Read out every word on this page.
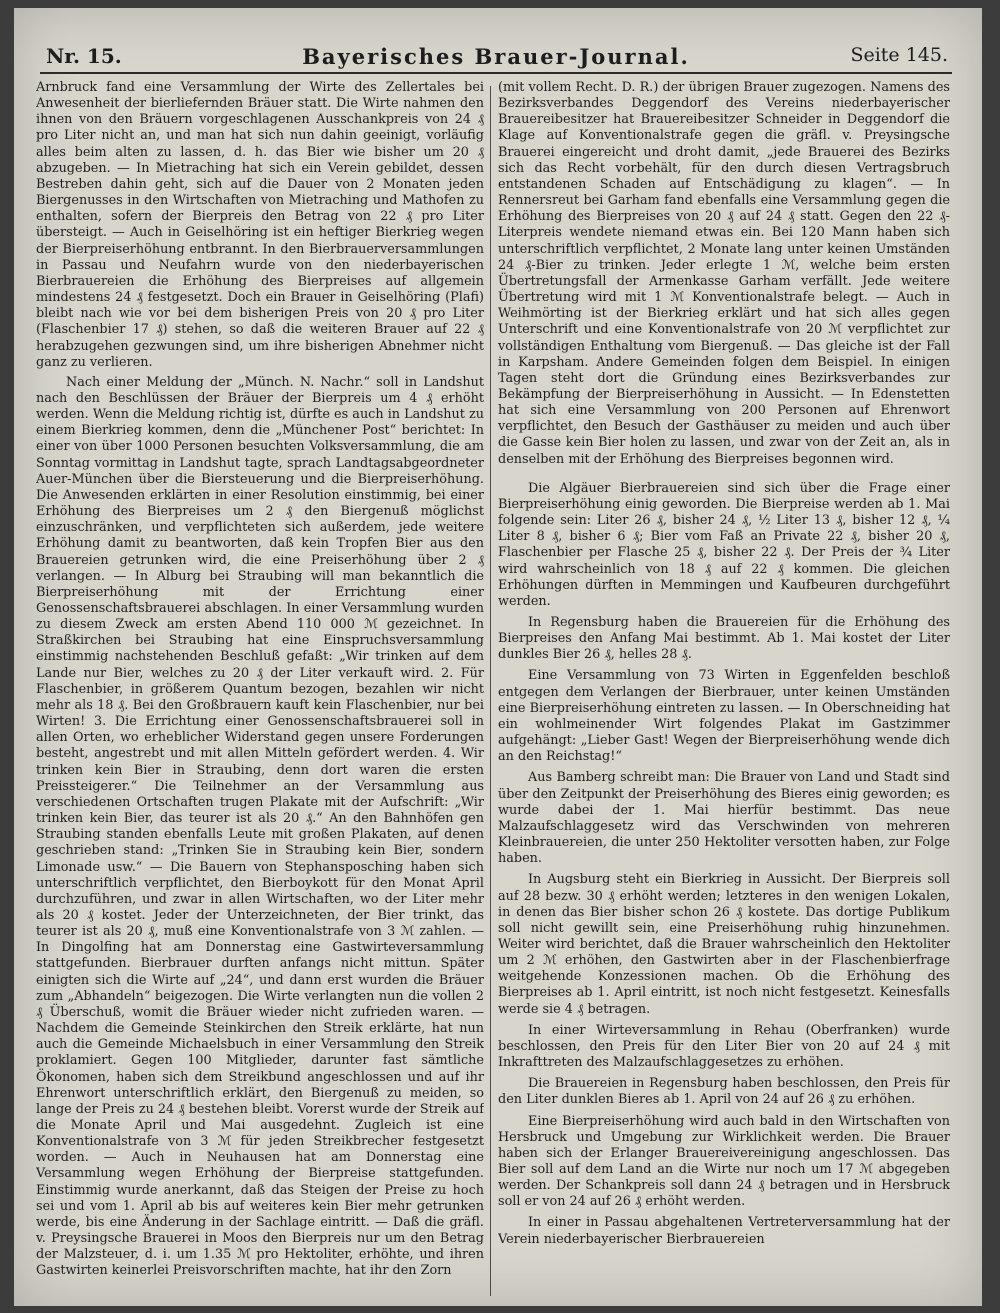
Nr. 15.	Bayerisches Brauer-Journal.	Seite 145.

Arnbruck fand eine Versammlung der Wirte des Zellertales bei Anwesenheit der bierliefernden Bräuer statt. Die Wirte nahmen den ihnen von den Bräuern vorgeschlagenen Ausschankpreis von 24 ₰ pro Liter nicht an, und man hat sich nun dahin geeinigt, vorläufig alles beim alten zu lassen, d. h. das Bier wie bisher um 20 ₰ abzugeben. — In Mietraching hat sich ein Verein gebildet, dessen Bestreben dahin geht, sich auf die Dauer von 2 Monaten jeden Biergenusses in den Wirtschaften von Mietraching und Mathofen zu enthalten, sofern der Bierpreis den Betrag von 22 ₰ pro Liter übersteigt. — Auch in Geiselhöring ist ein heftiger Bierkrieg wegen der Bierpreiserhöhung entbrannt. In den Bierbrauerversammlungen in Passau und Neufahrn wurde von den niederbayerischen Bierbrauereien die Erhöhung des Bierpreises auf allgemein mindestens 24 ₰ festgesetzt. Doch ein Brauer in Geiselhöring (Plafi) bleibt nach wie vor bei dem bisherigen Preis von 20 ₰ pro Liter (Flaschenbier 17 ₰) stehen, so daß die weiteren Brauer auf 22 ₰ herabzugehen gezwungen sind, um ihre bisherigen Abnehmer nicht ganz zu verlieren.

Nach einer Meldung der „Münch. N. Nachr.“ soll in Landshut nach den Beschlüssen der Bräuer der Bierpreis um 4 ₰ erhöht werden. Wenn die Meldung richtig ist, dürfte es auch in Landshut zu einem Bierkrieg kommen, denn die „Münchener Post“ berichtet: In einer von über 1000 Personen besuchten Volksversammlung, die am Sonntag vormittag in Landshut tagte, sprach Landtagsabgeordneter Auer-München über die Biersteuerung und die Bierpreiserhöhung. Die Anwesenden erklärten in einer Resolution einstimmig, bei einer Erhöhung des Bierpreises um 2 ₰ den Biergenuß möglichst einzuschränken, und verpflichteten sich außerdem, jede weitere Erhöhung damit zu beantworten, daß kein Tropfen Bier aus den Brauereien getrunken wird, die eine Preiserhöhung über 2 ₰ verlangen. — In Alburg bei Straubing will man bekanntlich die Bierpreiserhöhung mit der Errichtung einer Genossenschaftsbrauerei abschlagen. In einer Versammlung wurden zu diesem Zweck am ersten Abend 110 000 ℳ gezeichnet. In Straßkirchen bei Straubing hat eine Einspruchsversammlung einstimmig nachstehenden Beschluß gefaßt: „Wir trinken auf dem Lande nur Bier, welches zu 20 ₰ der Liter verkauft wird. 2. Für Flaschenbier, in größerem Quantum bezogen, bezahlen wir nicht mehr als 18 ₰. Bei den Großbrauern kauft kein Flaschenbier, nur bei Wirten! 3. Die Errichtung einer Genossenschaftsbrauerei soll in allen Orten, wo erheblicher Widerstand gegen unsere Forderungen besteht, angestrebt und mit allen Mitteln gefördert werden. 4. Wir trinken kein Bier in Straubing, denn dort waren die ersten Preissteigerer.“ Die Teilnehmer an der Versammlung aus verschiedenen Ortschaften trugen Plakate mit der Aufschrift: „Wir trinken kein Bier, das teurer ist als 20 ₰.“ An den Bahnhöfen gen Straubing standen ebenfalls Leute mit großen Plakaten, auf denen geschrieben stand: „Trinken Sie in Straubing kein Bier, sondern Limonade usw.“ — Die Bauern von Stephansposching haben sich unterschriftlich verpflichtet, den Bierboykott für den Monat April durchzuführen, und zwar in allen Wirtschaften, wo der Liter mehr als 20 ₰ kostet. Jeder der Unterzeichneten, der Bier trinkt, das teurer ist als 20 ₰, muß eine Konventionalstrafe von 3 ℳ zahlen. — In Dingolfing hat am Donnerstag eine Gastwirteversammlung stattgefunden. Bierbrauer durften anfangs nicht mittun. Später einigten sich die Wirte auf „24“, und dann erst wurden die Bräuer zum „Abhandeln“ beigezogen. Die Wirte verlangten nun die vollen 2 ₰ Überschuß, womit die Bräuer wieder nicht zufrieden waren. — Nachdem die Gemeinde Steinkirchen den Streik erklärte, hat nun auch die Gemeinde Michaelsbuch in einer Versammlung den Streik proklamiert. Gegen 100 Mitglieder, darunter fast sämtliche Ökonomen, haben sich dem Streikbund angeschlossen und auf ihr Ehrenwort unterschriftlich erklärt, den Biergenuß zu meiden, so lange der Preis zu 24 ₰ bestehen bleibt. Vorerst wurde der Streik auf die Monate April und Mai ausgedehnt. Zugleich ist eine Konventionalstrafe von 3 ℳ für jeden Streikbrecher festgesetzt worden. — Auch in Neuhausen hat am Donnerstag eine Versammlung wegen Erhöhung der Bierpreise stattgefunden. Einstimmig wurde anerkannt, daß das Steigen der Preise zu hoch sei und vom 1. April ab bis auf weiteres kein Bier mehr getrunken werde, bis eine Änderung in der Sachlage eintritt. — Daß die gräfl. v. Preysingsche Brauerei in Moos den Bierpreis nur um den Betrag der Malzsteuer, d. i. um 1.35 ℳ pro Hektoliter, erhöhte, und ihren Gastwirten keinerlei Preisvorschriften machte, hat ihr den Zorn

(mit vollem Recht. D. R.) der übrigen Brauer zugezogen. Namens des Bezirksverbandes Deggendorf des Vereins niederbayerischer Brauereibesitzer hat Brauereibesitzer Schneider in Deggendorf die Klage auf Konventionalstrafe gegen die gräfl. v. Preysingsche Brauerei eingereicht und droht damit, „jede Brauerei des Bezirks sich das Recht vorbehält, für den durch diesen Vertragsbruch entstandenen Schaden auf Entschädigung zu klagen“. — In Rennersreut bei Garham fand ebenfalls eine Versammlung gegen die Erhöhung des Bierpreises von 20 ₰ auf 24 ₰ statt. Gegen den 22 ₰-Literpreis wendete niemand etwas ein. Bei 120 Mann haben sich unterschriftlich verpflichtet, 2 Monate lang unter keinen Umständen 24 ₰-Bier zu trinken. Jeder erlegte 1 ℳ, welche beim ersten Übertretungsfall der Armenkasse Garham verfällt. Jede weitere Übertretung wird mit 1 ℳ Konventionalstrafe belegt. — Auch in Weihmörting ist der Bierkrieg erklärt und hat sich alles gegen Unterschrift und eine Konventionalstrafe von 20 ℳ verpflichtet zur vollständigen Enthaltung vom Biergenuß. — Das gleiche ist der Fall in Karpsham. Andere Gemeinden folgen dem Beispiel. In einigen Tagen steht dort die Gründung eines Bezirksverbandes zur Bekämpfung der Bierpreiserhöhung in Aussicht. — In Edenstetten hat sich eine Versammlung von 200 Personen auf Ehrenwort verpflichtet, den Besuch der Gasthäuser zu meiden und auch über die Gasse kein Bier holen zu lassen, und zwar von der Zeit an, als in denselben mit der Erhöhung des Bierpreises begonnen wird.

Die Algäuer Bierbrauereien sind sich über die Frage einer Bierpreiserhöhung einig geworden. Die Bierpreise werden ab 1. Mai folgende sein: Liter 26 ₰, bisher 24 ₰, ½ Liter 13 ₰, bisher 12 ₰, ¼ Liter 8 ₰, bisher 6 ₰; Bier vom Faß an Private 22 ₰, bisher 20 ₰, Flaschenbier per Flasche 25 ₰, bisher 22 ₰. Der Preis der ¾ Liter wird wahrscheinlich von 18 ₰ auf 22 ₰ kommen. Die gleichen Erhöhungen dürften in Memmingen und Kaufbeuren durchgeführt werden.

In Regensburg haben die Brauereien für die Erhöhung des Bierpreises den Anfang Mai bestimmt. Ab 1. Mai kostet der Liter dunkles Bier 26 ₰, helles 28 ₰.

Eine Versammlung von 73 Wirten in Eggenfelden beschloß entgegen dem Verlangen der Bierbrauer, unter keinen Umständen eine Bierpreiserhöhung eintreten zu lassen. — In Oberschneiding hat ein wohlmeinender Wirt folgendes Plakat im Gastzimmer aufgehängt: „Lieber Gast! Wegen der Bierpreiserhöhung wende dich an den Reichstag!“

Aus Bamberg schreibt man: Die Brauer von Land und Stadt sind über den Zeitpunkt der Preiserhöhung des Bieres einig geworden; es wurde dabei der 1. Mai hierfür bestimmt. Das neue Malzaufschlaggesetz wird das Verschwinden von mehreren Kleinbrauereien, die unter 250 Hektoliter versotten haben, zur Folge haben.

In Augsburg steht ein Bierkrieg in Aussicht. Der Bierpreis soll auf 28 bezw. 30 ₰ erhöht werden; letzteres in den wenigen Lokalen, in denen das Bier bisher schon 26 ₰ kostete. Das dortige Publikum soll nicht gewillt sein, eine Preiserhöhung ruhig hinzunehmen. Weiter wird berichtet, daß die Brauer wahrscheinlich den Hektoliter um 2 ℳ erhöhen, den Gastwirten aber in der Flaschenbierfrage weitgehende Konzessionen machen. Ob die Erhöhung des Bierpreises ab 1. April eintritt, ist noch nicht festgesetzt. Keinesfalls werde sie 4 ₰ betragen.

In einer Wirteversammlung in Rehau (Oberfranken) wurde beschlossen, den Preis für den Liter Bier von 20 auf 24 ₰ mit Inkrafttreten des Malzaufschlaggesetzes zu erhöhen.

Die Brauereien in Regensburg haben beschlossen, den Preis für den Liter dunklen Bieres ab 1. April von 24 auf 26 ₰ zu erhöhen.

Eine Bierpreiserhöhung wird auch bald in den Wirtschaften von Hersbruck und Umgebung zur Wirklichkeit werden. Die Brauer haben sich der Erlanger Brauereivereinigung angeschlossen. Das Bier soll auf dem Land an die Wirte nur noch um 17 ℳ abgegeben werden. Der Schankpreis soll dann 24 ₰ betragen und in Hersbruck soll er von 24 auf 26 ₰ erhöht werden.

In einer in Passau abgehaltenen Vertreterversammlung hat der Verein niederbayerischer Bierbrauereien
